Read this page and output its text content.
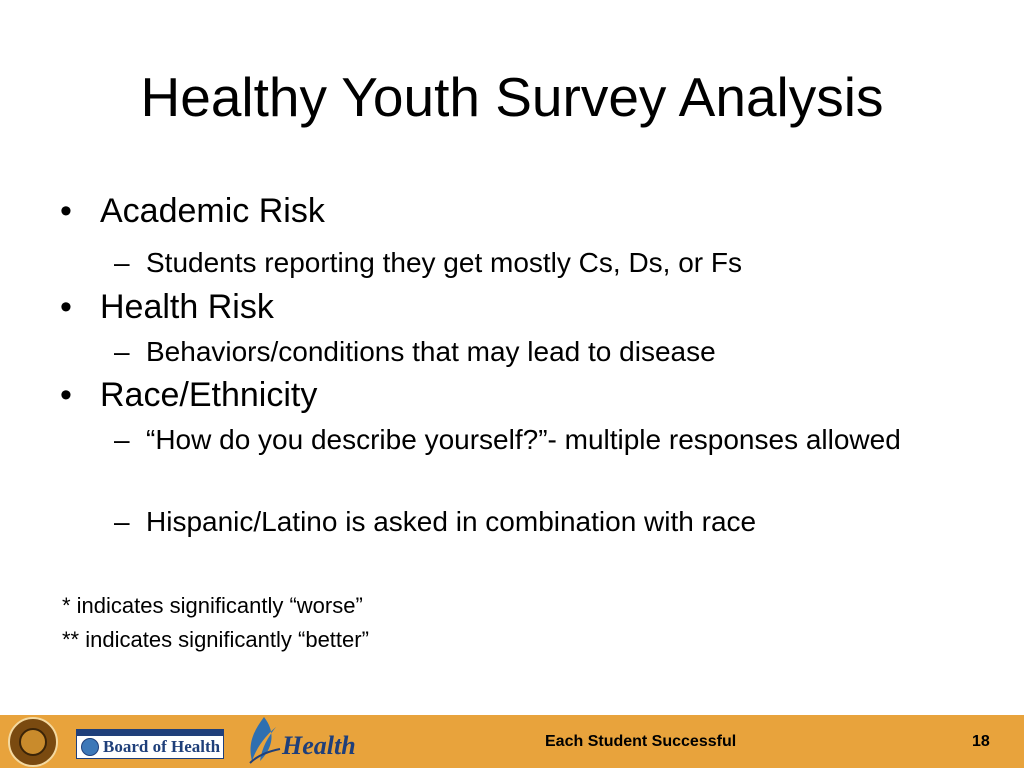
Healthy Youth Survey Analysis
• Academic Risk
– Students reporting they get mostly Cs, Ds, or Fs
• Health Risk
– Behaviors/conditions that may lead to disease
• Race/Ethnicity
– “How do you describe yourself?”- multiple responses allowed
– Hispanic/Latino is asked in combination with race
* indicates significantly “worse”
** indicates significantly “better”
Board of Health Health	Each Student Successful	18
